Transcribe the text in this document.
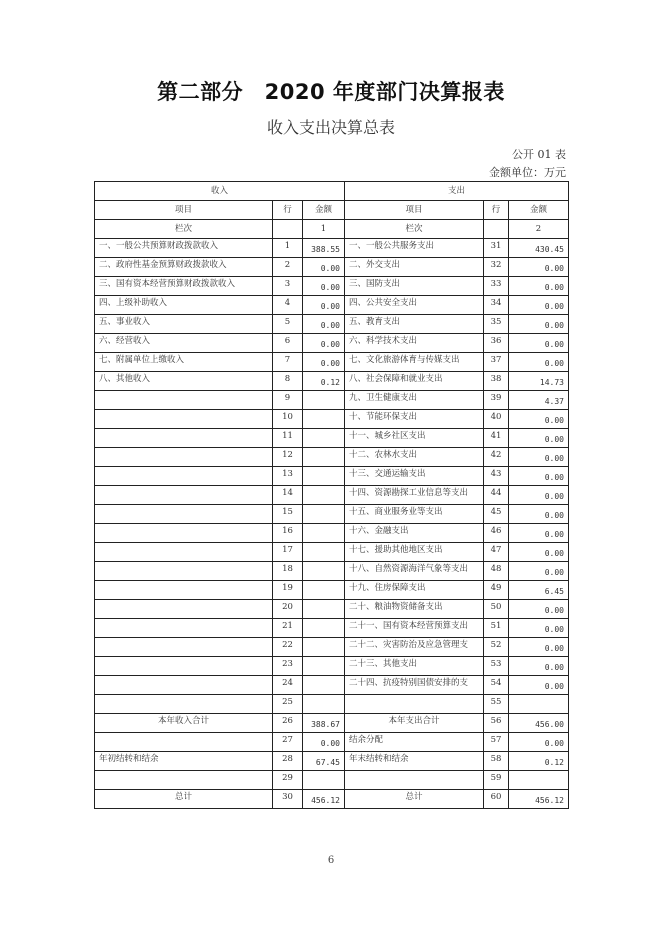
第二部分　2020 年度部门决算报表
收入支出决算总表
公开 01 表
金额单位：万元
收入			支出		
项目	行	金额	项目	行	金额
栏次		1	栏次		2
一、一般公共预算财政拨款收入	1	388.55	一、一般公共服务支出	31	430.45
二、政府性基金预算财政拨款收入	2	0.00	二、外交支出	32	0.00
三、国有资本经营预算财政拨款收入	3	0.00	三、国防支出	33	0.00
四、上级补助收入	4	0.00	四、公共安全支出	34	0.00
五、事业收入	5	0.00	五、教育支出	35	0.00
六、经营收入	6	0.00	六、科学技术支出	36	0.00
七、附属单位上缴收入	7	0.00	七、文化旅游体育与传媒支出	37	0.00
八、其他收入	8	0.12	八、社会保障和就业支出	38	14.73
	9		九、卫生健康支出	39	4.37
	10		十、节能环保支出	40	0.00
	11		十一、城乡社区支出	41	0.00
	12		十二、农林水支出	42	0.00
	13		十三、交通运输支出	43	0.00
	14		十四、资源勘探工业信息等支出	44	0.00
	15		十五、商业服务业等支出	45	0.00
	16		十六、金融支出	46	0.00
	17		十七、援助其他地区支出	47	0.00
	18		十八、自然资源海洋气象等支出	48	0.00
	19		十九、住房保障支出	49	6.45
	20		二十、粮油物资储备支出	50	0.00
	21		二十一、国有资本经营预算支出	51	0.00
	22		二十二、灾害防治及应急管理支	52	0.00
	23		二十三、其他支出	53	0.00
	24		二十四、抗疫特别国债安排的支	54	0.00
	25			55	
本年收入合计	26	388.67	本年支出合计	56	456.00
	27	0.00	结余分配	57	0.00
年初结转和结余	28	67.45	年末结转和结余	58	0.12
	29			59	
总计	30	456.12	总计	60	456.12
6
